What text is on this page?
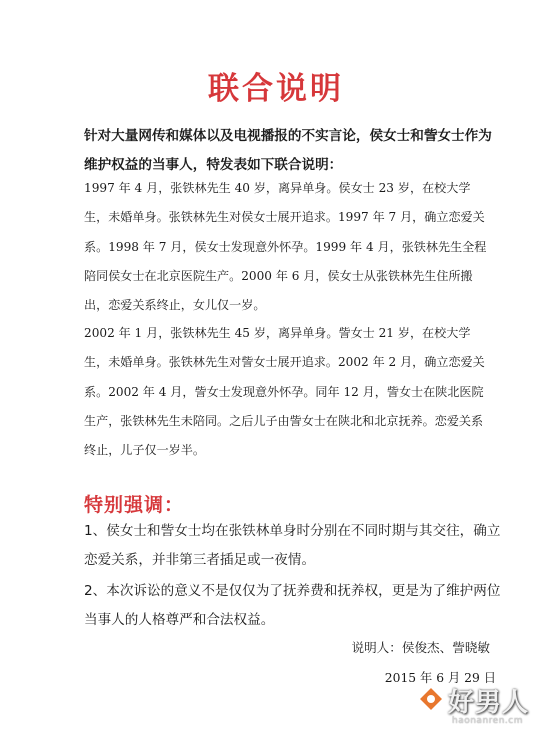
联合说明

针对大量网传和媒体以及电视播报的不实言论，侯女士和訾女士作为维护权益的当事人，特发表如下联合说明：

1997 年 4 月，张铁林先生 40 岁，离异单身。侯女士 23 岁，在校大学生，未婚单身。张铁林先生对侯女士展开追求。1997 年 7 月，确立恋爱关系。1998 年 7 月，侯女士发现意外怀孕。1999 年 4 月，张铁林先生全程陪同侯女士在北京医院生产。2000 年 6 月，侯女士从张铁林先生住所搬出，恋爱关系终止，女儿仅一岁。

2002 年 1 月，张铁林先生 45 岁，离异单身。訾女士 21 岁，在校大学生，未婚单身。张铁林先生对訾女士展开追求。2002 年 2 月，确立恋爱关系。2002 年 4 月，訾女士发现意外怀孕。同年 12 月，訾女士在陕北医院生产，张铁林先生未陪同。之后儿子由訾女士在陕北和北京抚养。恋爱关系终止，儿子仅一岁半。

特别强调：

1、侯女士和訾女士均在张铁林单身时分别在不同时期与其交往，确立恋爱关系，并非第三者插足或一夜情。

2、本次诉讼的意义不是仅仅为了抚养费和抚养权，更是为了维护两位当事人的人格尊严和合法权益。

说明人：侯俊杰、訾晓敏

2015 年 6 月 29 日

好男人
haonanren.cm
